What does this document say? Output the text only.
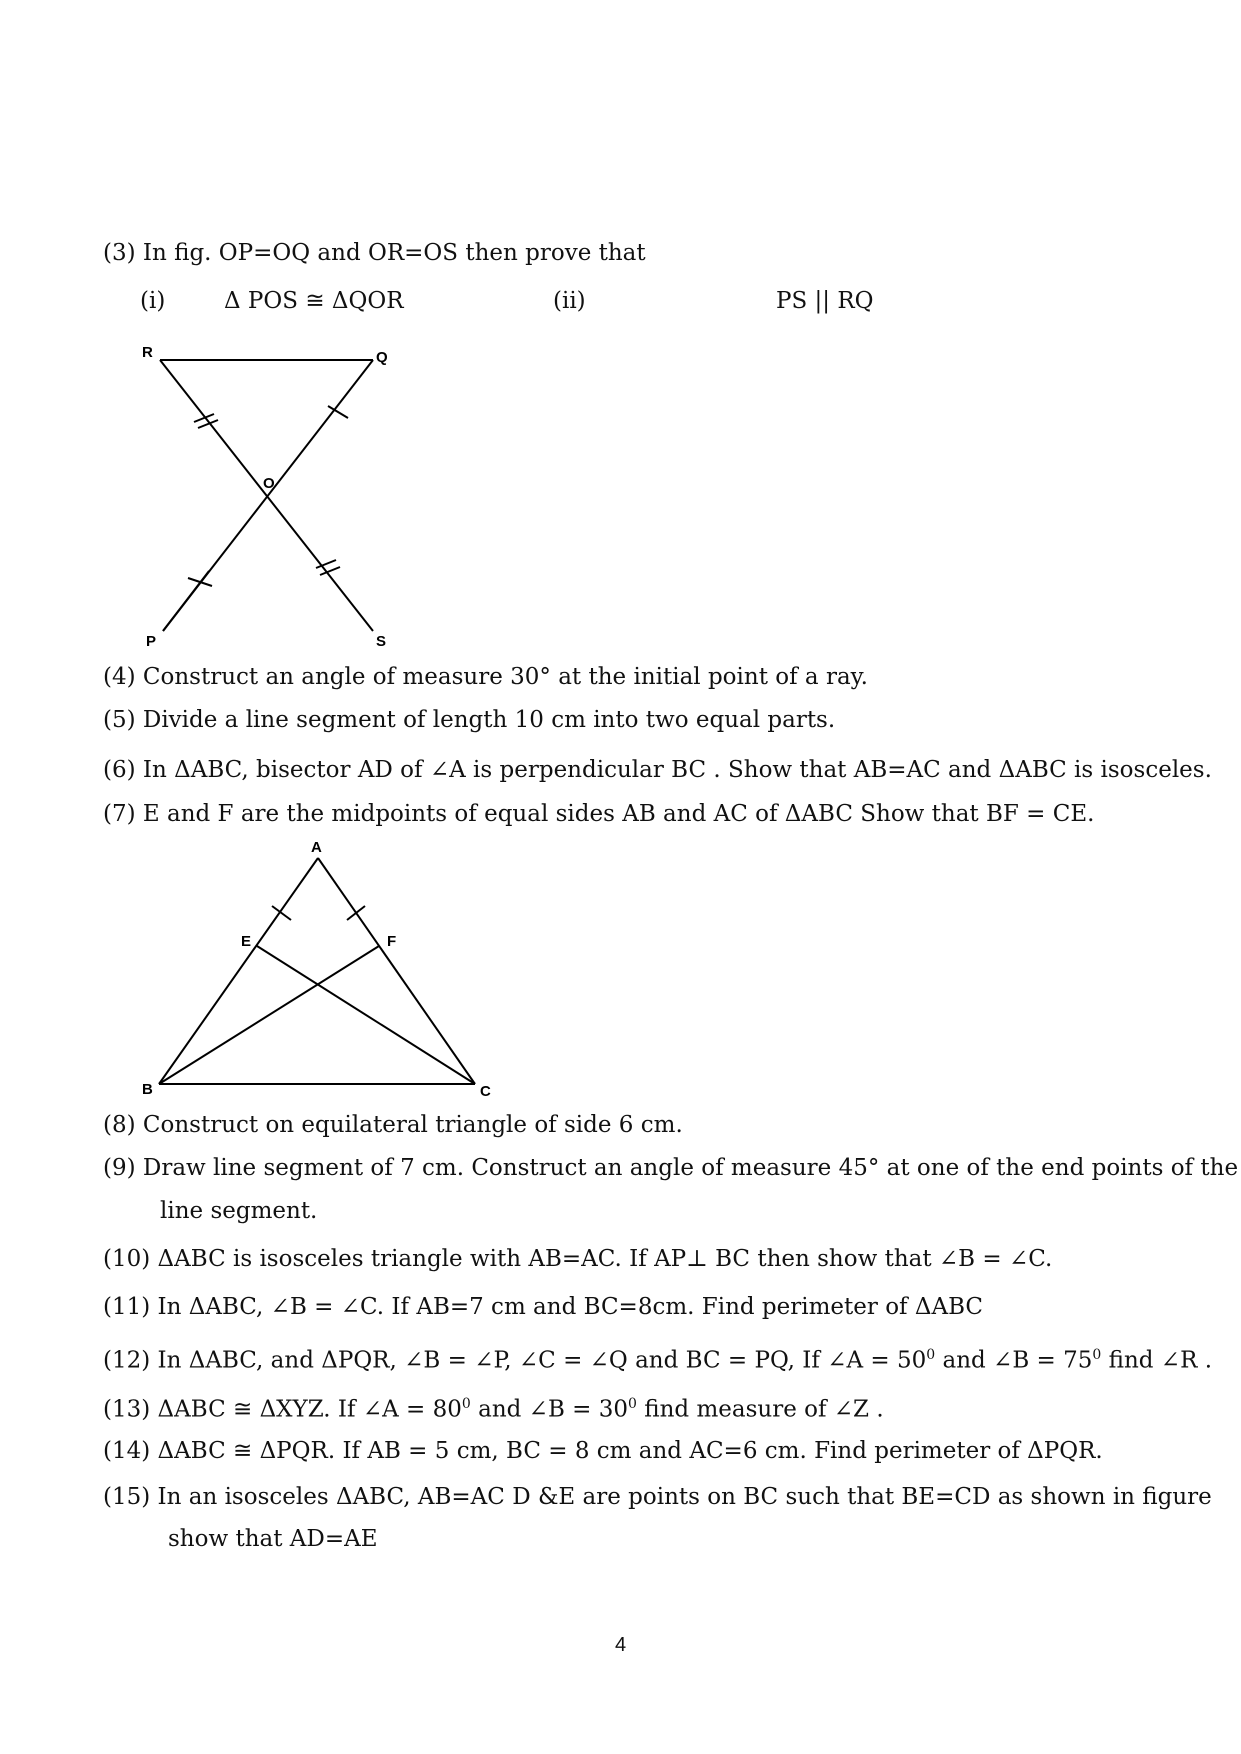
(3) In fig. OP=OQ and OR=OS then prove that
(i)	Δ POS ≅ ΔQOR	(ii)	PS || RQ
R	Q
O
P	S
(4) Construct an angle of measure 30° at the initial point of a ray.
(5) Divide a line segment of length 10 cm into two equal parts.
(6) In ΔABC, bisector AD of ∠A is perpendicular BC . Show that AB=AC and ΔABC is isosceles.
(7) E and F are the midpoints of equal sides AB and AC of ΔABC Show that BF = CE.
A
E	F
B	C
(8) Construct on equilateral triangle of side 6 cm.
(9) Draw line segment of 7 cm. Construct an angle of measure 45° at one of the end points of the
line segment.
(10) ΔABC is isosceles triangle with AB=AC. If AP⊥ BC then show that ∠B = ∠C.
(11) In ΔABC, ∠B = ∠C. If AB=7 cm and BC=8cm. Find perimeter of ΔABC
(12) In ΔABC, and ΔPQR, ∠B = ∠P, ∠C = ∠Q and BC = PQ, If ∠A = $50^0$ and ∠B = $75^0$ find ∠R .
(13) ΔABC ≅ ΔXYZ. If ∠A = $80^0$ and ∠B = $30^0$ find measure of ∠Z .
(14) ΔABC ≅ ΔPQR. If AB = 5 cm, BC = 8 cm and AC=6 cm. Find perimeter of ΔPQR.
(15) In an isosceles ΔABC, AB=AC D &E are points on BC such that BE=CD as shown in figure
show that AD=AE
4
